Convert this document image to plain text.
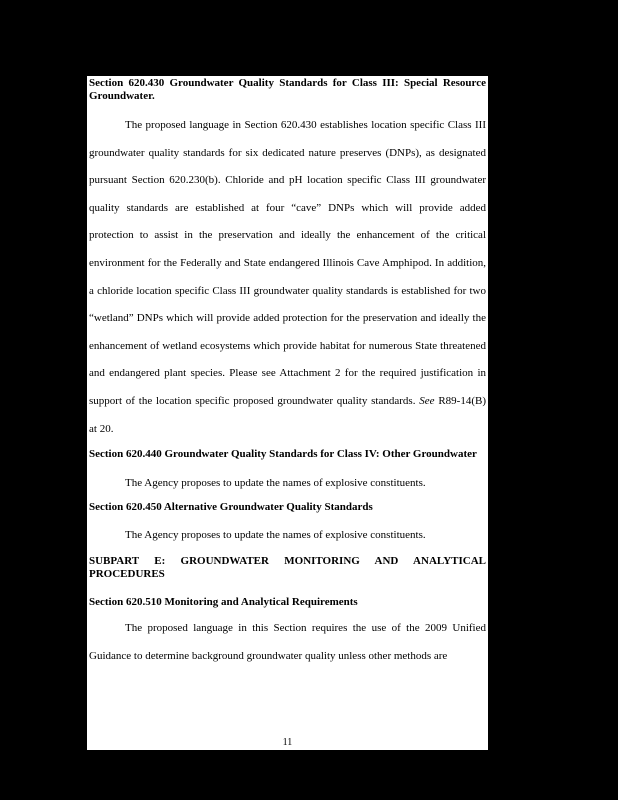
Section 620.430 Groundwater Quality Standards for Class III: Special Resource Groundwater.

The proposed language in Section 620.430 establishes location specific Class III groundwater quality standards for six dedicated nature preserves (DNPs), as designated pursuant Section 620.230(b). Chloride and pH location specific Class III groundwater quality standards are established at four “cave” DNPs which will provide added protection to assist in the preservation and ideally the enhancement of the critical environment for the Federally and State endangered Illinois Cave Amphipod. In addition, a chloride location specific Class III groundwater quality standards is established for two “wetland” DNPs which will provide added protection for the preservation and ideally the enhancement of wetland ecosystems which provide habitat for numerous State threatened and endangered plant species. Please see Attachment 2 for the required justification in support of the location specific proposed groundwater quality standards. See R89-14(B) at 20.

Section 620.440 Groundwater Quality Standards for Class IV: Other Groundwater

The Agency proposes to update the names of explosive constituents.

Section 620.450 Alternative Groundwater Quality Standards

The Agency proposes to update the names of explosive constituents.

SUBPART E: GROUNDWATER MONITORING AND ANALYTICAL PROCEDURES

Section 620.510 Monitoring and Analytical Requirements

The proposed language in this Section requires the use of the 2009 Unified Guidance to determine background groundwater quality unless other methods are

11
